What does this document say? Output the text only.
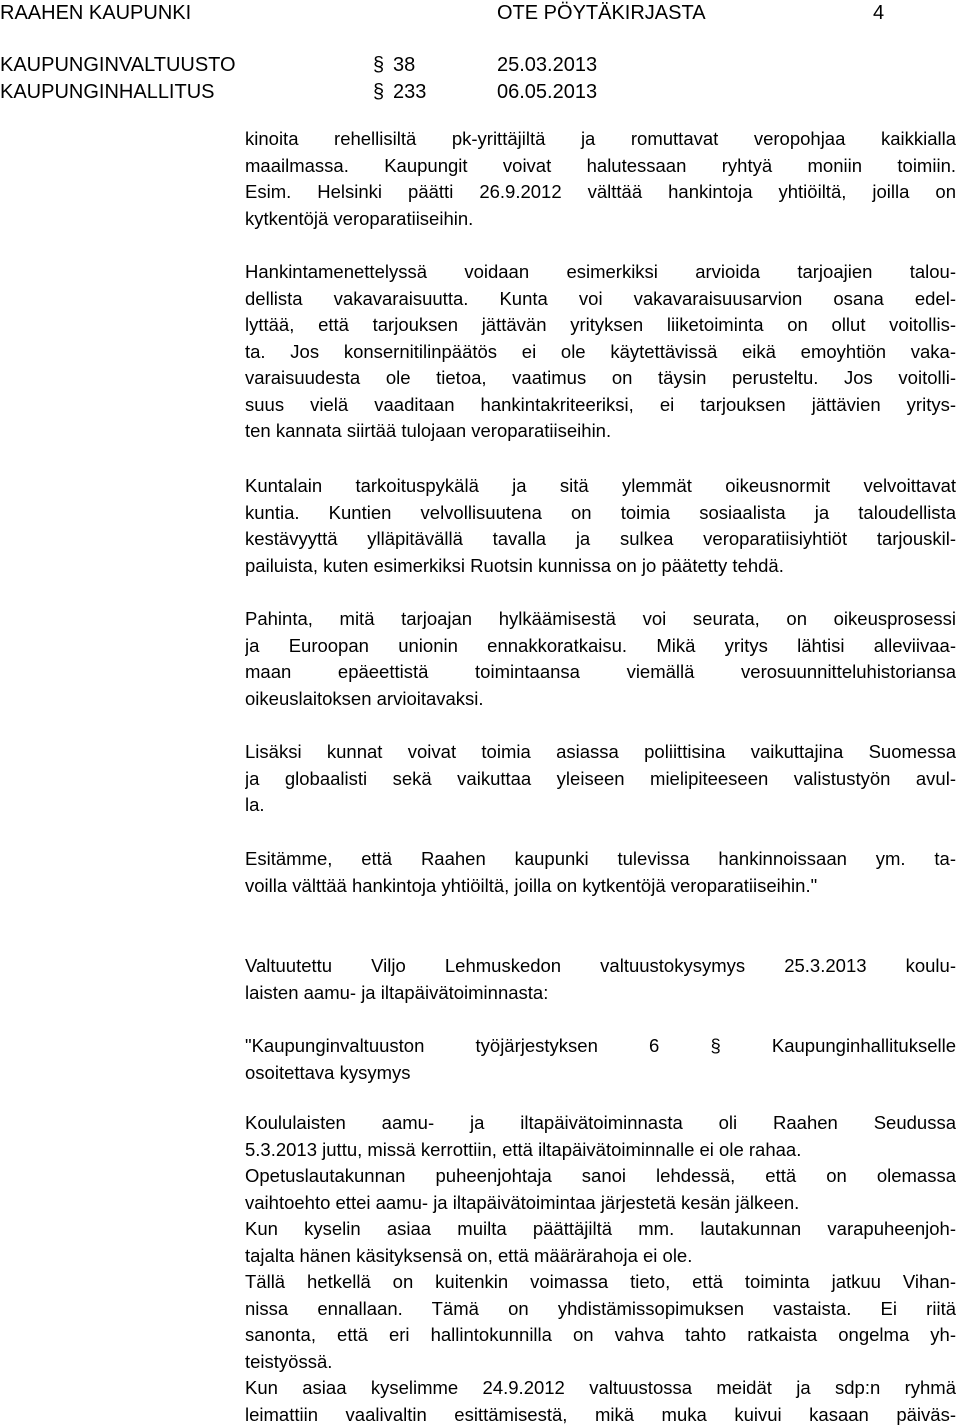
RAAHEN KAUPUNKI	OTE PÖYTÄKIRJASTA	4
KAUPUNGINVALTUUSTO	§ 38	25.03.2013
KAUPUNGINHALLITUS	§ 233	06.05.2013
kinoita rehellisiltä pk-yrittäjiltä ja romuttavat veropohjaa kaikkialla
maailmassa. Kaupungit voivat halutessaan ryhtyä moniin toimiin.
Esim. Helsinki päätti 26.9.2012 välttää hankintoja yhtiöiltä, joilla on
kytkentöjä veroparatiiseihin.
Hankintamenettelyssä voidaan esimerkiksi arvioida tarjoajien talou-
dellista vakavaraisuutta. Kunta voi vakavaraisuusarvion osana edel-
lyttää, että tarjouksen jättävän yrityksen liiketoiminta on ollut voitollis-
ta. Jos konsernitilinpäätös ei ole käytettävissä eikä emoyhtiön vaka-
varaisuudesta ole tietoa, vaatimus on täysin perusteltu. Jos voitolli-
suus vielä vaaditaan hankintakriteeriksi, ei tarjouksen jättävien yritys-
ten kannata siirtää tulojaan veroparatiiseihin.
Kuntalain tarkoituspykälä ja sitä ylemmät oikeusnormit velvoittavat
kuntia. Kuntien velvollisuutena on toimia sosiaalista ja taloudellista
kestävyyttä ylläpitävällä tavalla ja sulkea veroparatiisiyhtiöt tarjouskil-
pailuista, kuten esimerkiksi Ruotsin kunnissa on jo päätetty tehdä.
Pahinta, mitä tarjoajan hylkäämisestä voi seurata, on oikeusprosessi
ja Euroopan unionin ennakkoratkaisu. Mikä yritys lähtisi alleviivaa-
maan epäeettistä toimintaansa viemällä verosuunnitteluhistoriansa
oikeuslaitoksen arvioitavaksi.
Lisäksi kunnat voivat toimia asiassa poliittisina vaikuttajina Suomessa
ja globaalisti sekä vaikuttaa yleiseen mielipiteeseen valistustyön avul-
la.
Esitämme, että Raahen kaupunki tulevissa hankinnoissaan ym. ta-
voilla välttää hankintoja yhtiöiltä, joilla on kytkentöjä veroparatiiseihin."
Valtuutettu Viljo Lehmuskedon valtuustokysymys 25.3.2013 koulu-
laisten aamu- ja iltapäivätoiminnasta:
"Kaupunginvaltuuston työjärjestyksen 6 § Kaupunginhallitukselle
osoitettava kysymys
Koululaisten aamu- ja iltapäivätoiminnasta oli Raahen Seudussa
5.3.2013 juttu, missä kerrottiin, että iltapäivätoiminnalle ei ole rahaa.
Opetuslautakunnan puheenjohtaja sanoi lehdessä, että on olemassa
vaihtoehto ettei aamu- ja iltapäivätoimintaa järjestetä kesän jälkeen.
Kun kyselin asiaa muilta päättäjiltä mm. lautakunnan varapuheenjoh-
tajalta hänen käsityksensä on, että määrärahoja ei ole.
Tällä hetkellä on kuitenkin voimassa tieto, että toiminta jatkuu Vihan-
nissa ennallaan. Tämä on yhdistämissopimuksen vastaista. Ei riitä
sanonta, että eri hallintokunnilla on vahva tahto ratkaista ongelma yh-
teistyössä.
Kun asiaa kyselimme 24.9.2012 valtuustossa meidät ja sdp:n ryhmä
leimattiin vaalivaltin esittämisestä, mikä muka kuivui kasaan päiväs-
